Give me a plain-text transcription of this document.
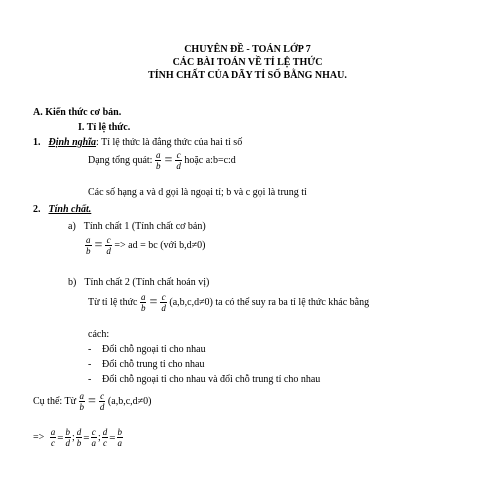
CHUYÊN ĐỀ - TOÁN LỚP 7
CÁC BÀI TOÁN VỀ TỈ LỆ THỨC
TÍNH CHẤT CỦA DÃY TỈ SỐ BẰNG NHAU.
A. Kiến thức cơ bản.
I. Tỉ lệ thức.
1. Định nghĩa: Tỉ lệ thức là đẳng thức của hai tỉ số
Dạng tổng quát: $\frac{a}{b} = \frac{c}{d}$ hoặc a:b=c:d
Các số hạng a và d gọi là ngoại tỉ; b và c gọi là trung tỉ
2. Tính chất.
a) Tính chất 1 (Tính chất cơ bản)
$\frac{a}{b} = \frac{c}{d}$ => ad = bc (với b,d≠0)
b) Tính chất 2 (Tính chất hoán vị)
Từ tỉ lệ thức $\frac{a}{b} = \frac{c}{d} (a,b,c,d\ne 0)$ ta có thể suy ra ba tỉ lệ thức khác bằng
cách:
- Đổi chỗ ngoại tỉ cho nhau
- Đổi chỗ trung tỉ cho nhau
- Đổi chỗ ngoại tỉ cho nhau và đổi chỗ trung tỉ cho nhau
Cụ thể: Từ $\frac{a}{b} = \frac{c}{d} (a,b,c,d\ne 0)$
=> $\frac{a}{c} = \frac{b}{d}$ ; $\frac{d}{b} = \frac{c}{a}$ ; $\frac{d}{c} = \frac{b}{a}$
